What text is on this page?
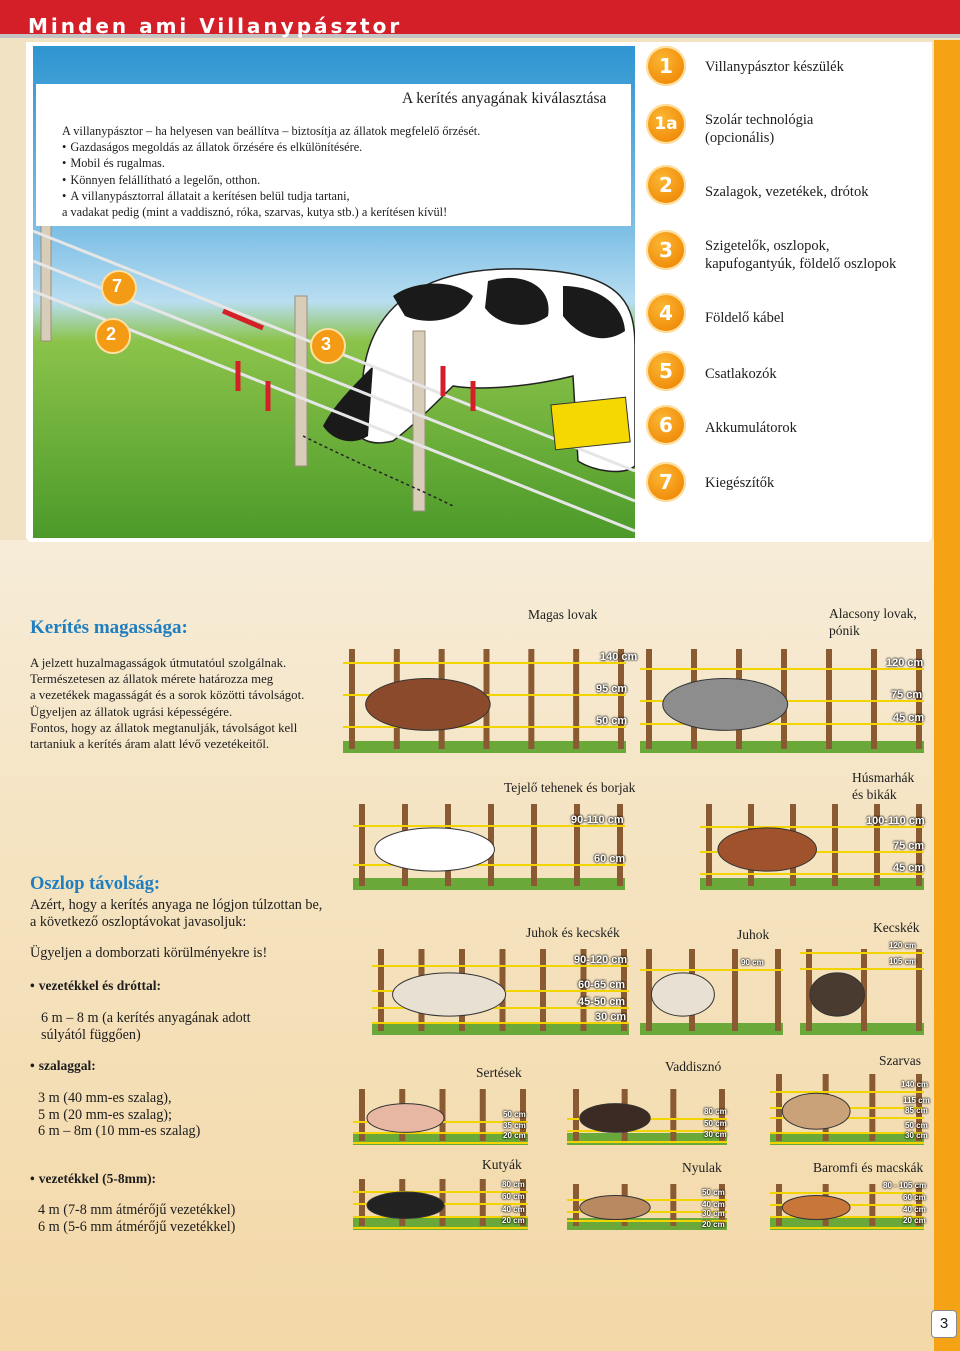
Minden ami Villanypásztor
7
2	3
A kerítés anyagának kiválasztása
A villanypásztor – ha helyesen van beállítva – biztosítja az állatok megfelelő őrzését.
• Gazdaságos megoldás az állatok őrzésére és elkülönítésére.
• Mobil és rugalmas.
• Könnyen felállítható a legelőn, otthon.
• A villanypásztorral állatait a kerítésen belül tudja tartani,
a vadakat pedig (mint a vaddisznó, róka, szarvas, kutya stb.) a kerítésen kívül!
1	Villanypásztor készülék
1a	Szolár technológia
(opcionális)
2	Szalagok, vezetékek, drótok
3	Szigetelők, oszlopok,
kapufogantyúk, földelő oszlopok
4	Földelő kábel
5	Csatlakozók
6	Akkumulátorok
7	Kiegészítők
Kerítés magassága:
A jelzett huzalmagasságok útmutatóul szolgálnak.
Természetesen az állatok mérete határozza meg
a vezetékek magasságát és a sorok közötti távolságot.
Ügyeljen az állatok ugrási képességére.
Fontos, hogy az állatok megtanulják, távolságot kell
tartaniuk a kerítés áram alatt lévő vezetékeitől.
Oszlop távolság:
Azért, hogy a kerítés anyaga ne lógjon túlzottan be,
a következő oszloptávokat javasoljuk:
Ügyeljen a domborzati körülményekre is!
• vezetékkel és dróttal:
6 m – 8 m (a kerítés anyagának adott
súlyától függően)
• szalaggal:
3 m (40 mm-es szalag),
5 m (20 mm-es szalag);
6 m – 8m (10 mm-es szalag)
• vezetékkel (5-8mm):
4 m (7-8 mm átmérőjű vezetékkel)
6 m (5-6 mm átmérőjű vezetékkel)
Magas lovak
140 cm
95 cm
50 cm
Alacsony lovak,
pónik
120 cm
75 cm
45 cm
Tejelő tehenek és borjak
90-110 cm
60 cm
Húsmarhák
és bikák
100-110 cm
75 cm
45 cm
Juhok és kecskék
90-120 cm
60-65 cm
45-50 cm
30 cm
Juhok
90 cm
Kecskék
120 cm
105 cm
Sertések
50 cm
35 cm
20 cm
Vaddisznó
80 cm
50 cm
30 cm
Szarvas
140 cm
115 cm
85 cm
50 cm
30 cm
Kutyák
80 cm
60 cm
40 cm
20 cm
Nyulak
50 cm
40 cm
30 cm
20 cm
Baromfi és macskák
80 - 105 cm
60 cm
40 cm
20 cm
3
